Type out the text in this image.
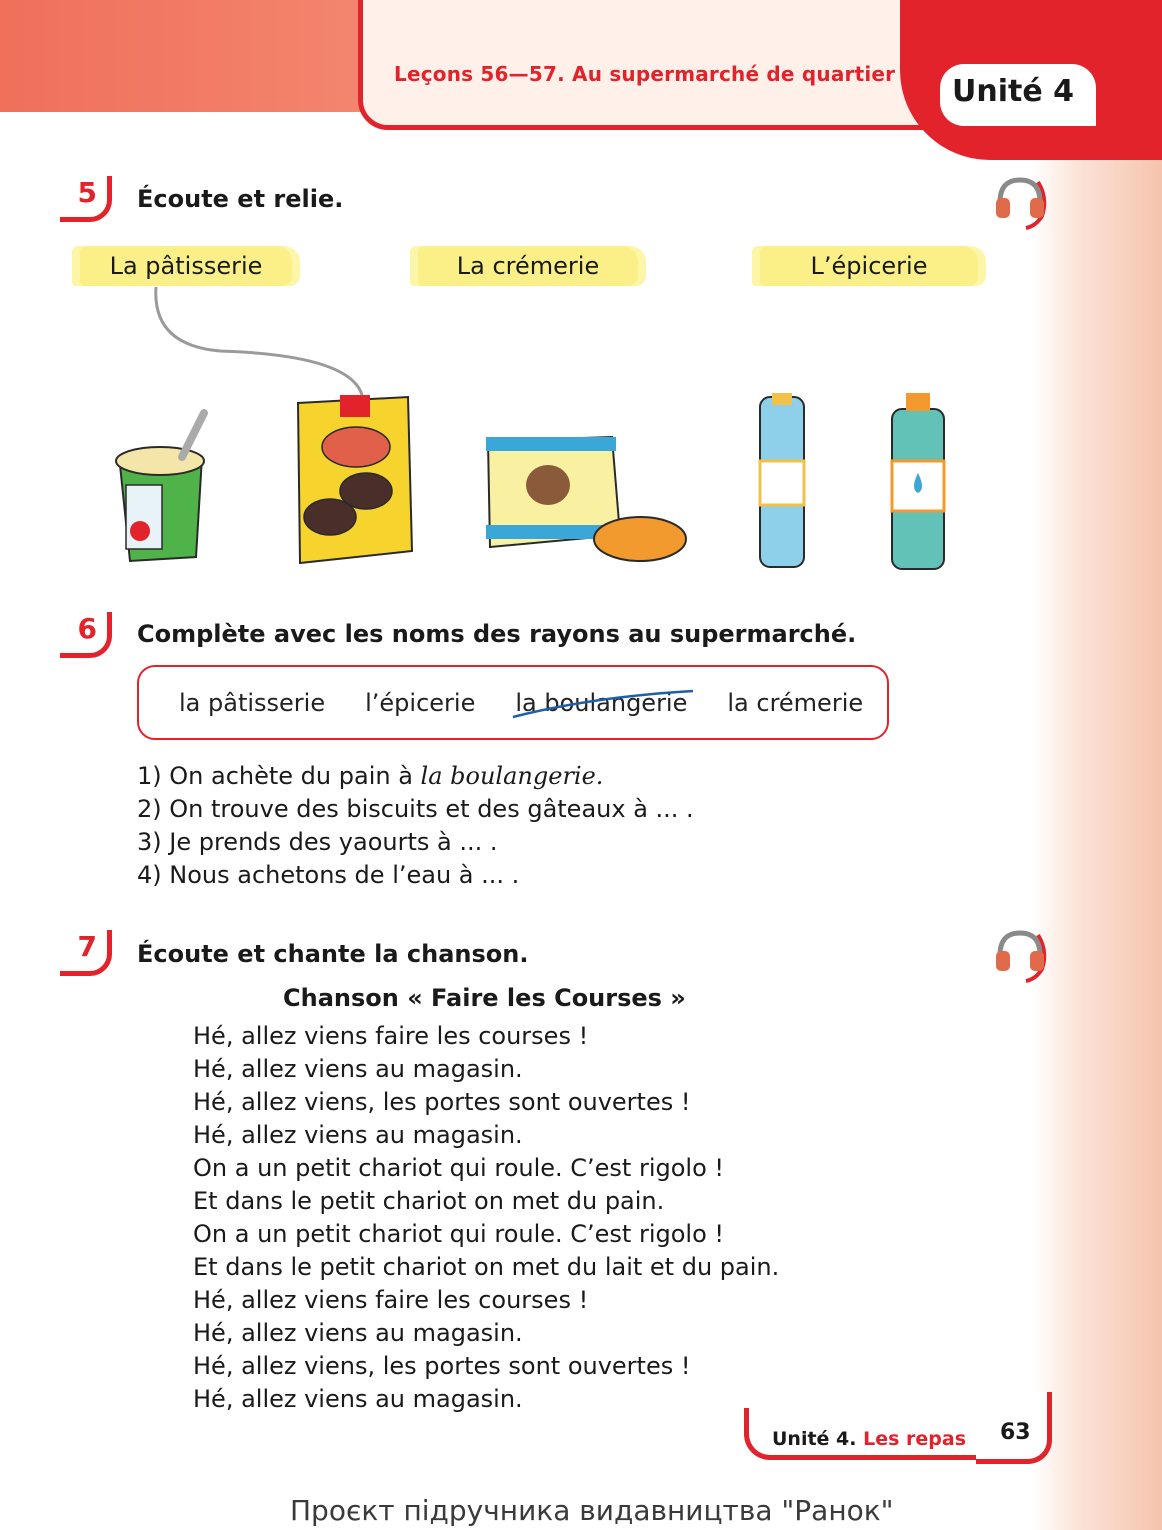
Leçons 56—57. Au supermarché de quartier Unité 4
5	Écoute et relie.
La pâtisserie	La crémerie	L’épicerie
6	Complète avec les noms des rayons au supermarché.
la pâtisserie l’épicerie la boulangerie la crémerie
1) On achète du pain à la boulangerie.
2) On trouve des biscuits et des gâteaux à ... .
3) Je prends des yaourts à ... .
4) Nous achetons de l’eau à ... .
7	Écoute et chante la chanson.
Chanson « Faire les Courses »
Hé, allez viens faire les courses !
Hé, allez viens au magasin.
Hé, allez viens, les portes sont ouvertes !
Hé, allez viens au magasin.
On a un petit chariot qui roule. C’est rigolo !
Et dans le petit chariot on met du pain.
On a un petit chariot qui roule. C’est rigolo !
Et dans le petit chariot on met du lait et du pain.
Hé, allez viens faire les courses !
Hé, allez viens au magasin.
Hé, allez viens, les portes sont ouvertes !
Hé, allez viens au magasin.
Unité 4. Les repas 63
Проєкт підручника видавництва "Ранок"
